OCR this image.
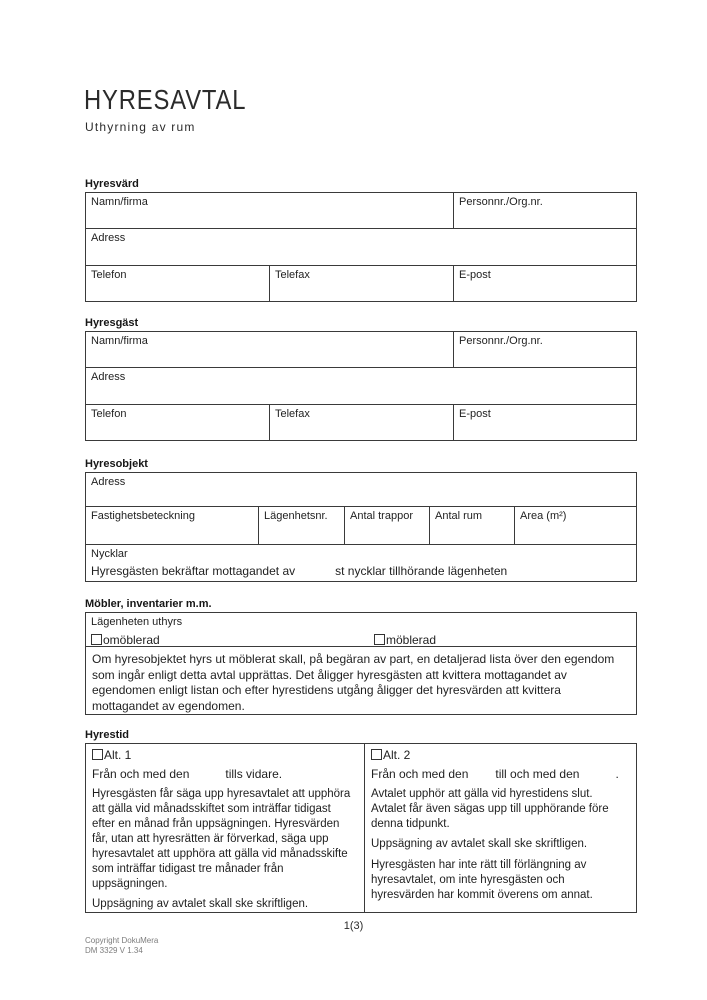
HYRESAVTAL
Uthyrning av rum
Hyresvärd
Namn/firma	Personnr./Org.nr.
Adress
Telefon	Telefax	E-post
Hyresgäst
Namn/firma	Personnr./Org.nr.
Adress
Telefon	Telefax	E-post
Hyresobjekt
Adress
Fastighetsbeteckning	Lägenhetsnr.	Antal trappor	Antal rum	Area (m²)
Nycklar
Hyresgästen bekräftar mottagandet av	st nycklar tillhörande lägenheten
Möbler, inventarier m.m.
Lägenheten uthyrs
omöblerad	möblerad

Om hyresobjektet hyrs ut möblerat skall, på begäran av part, en detaljerad lista över den egendom som ingår enligt detta avtal upprättas. Det åligger hyresgästen att kvittera mottagandet av egendomen enligt listan och efter hyrestidens utgång åligger det hyresvärden att kvittera mottagandet av egendomen.

Hyrestid
Alt. 1
Från och med den	tills vidare.

Hyresgästen får säga upp hyresavtalet att upphöra att gälla vid månadsskiftet som inträffar tidigast efter en månad från uppsägningen. Hyresvärden får, utan att hyresrätten är förverkad, säga upp hyresavtalet att upphöra att gälla vid månadsskifte som inträffar tidigast tre månader från uppsägningen.

Uppsägning av avtalet skall ske skriftligen.

Alt. 2
Från och med den till och med den	.

Avtalet upphör att gälla vid hyrestidens slut. Avtalet får även sägas upp till upphörande före denna tidpunkt.

Uppsägning av avtalet skall ske skriftligen.

Hyresgästen har inte rätt till förlängning av hyresavtalet, om inte hyresgästen och hyresvärden har kommit överens om annat.

1(3)
Copyright DokuMera
DM 3329 V 1.34
